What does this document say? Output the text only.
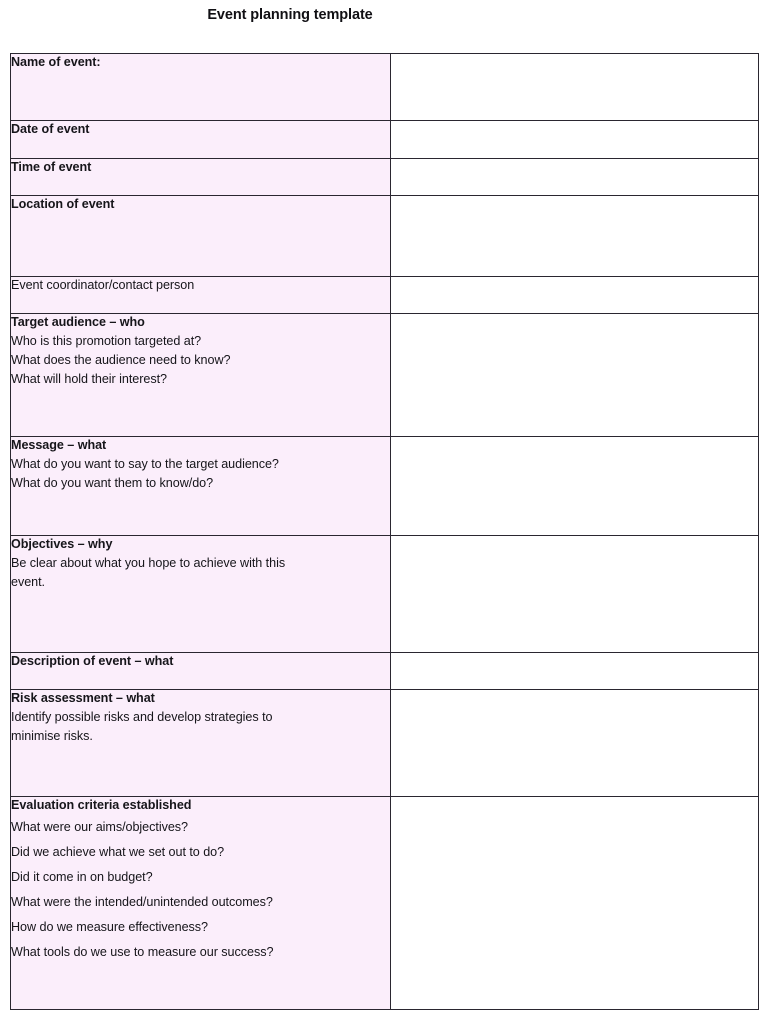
Event planning template
Name of event:	

Date of event	

Time of event	

Location of event	

Event coordinator/contact person	

Target audience – who
Who is this promotion targeted at?
What does the audience need to know?
What will hold their interest?	

Message – what
What do you want to say to the target audience?
What do you want them to know/do?	

Objectives – why
Be clear about what you hope to achieve with this
event.	

Description of event – what	

Risk assessment – what
Identify possible risks and develop strategies to
minimise risks.	

Evaluation criteria established
What were our aims/objectives?
Did we achieve what we set out to do?
Did it come in on budget?
What were the intended/unintended outcomes?
How do we measure effectiveness?
What tools do we use to measure our success?
